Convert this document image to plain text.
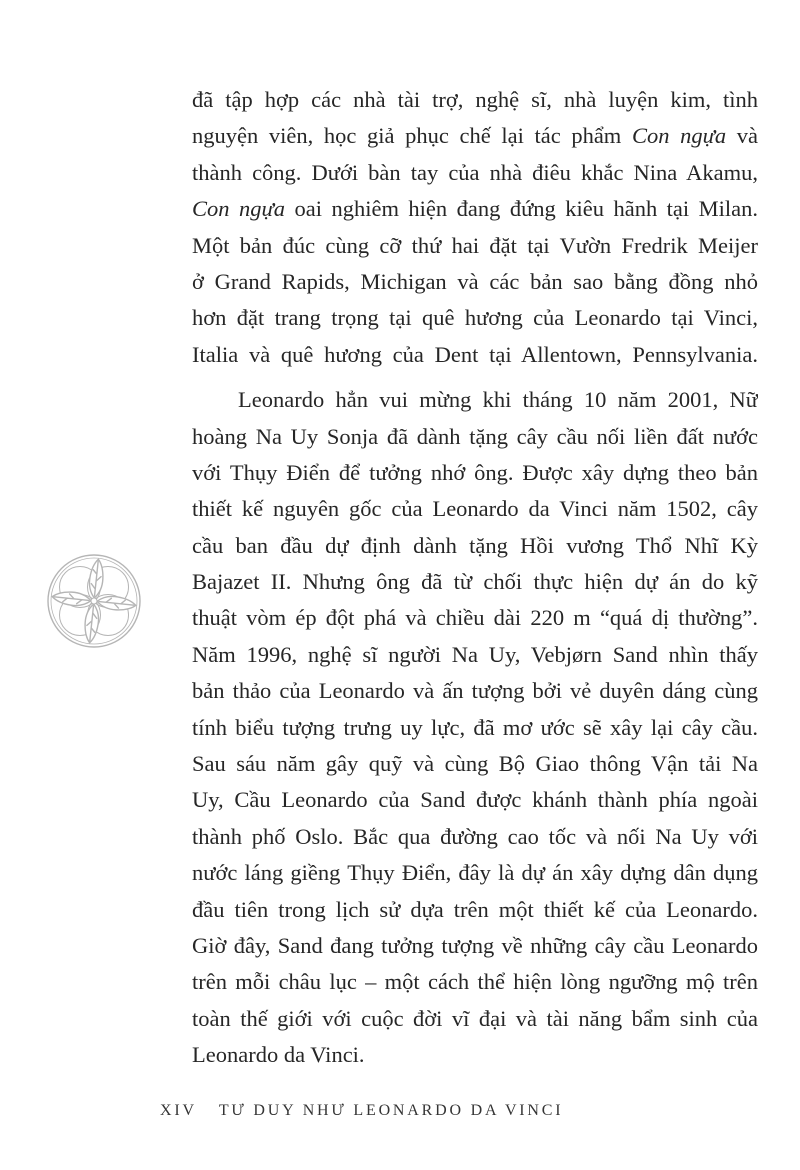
đã tập hợp các nhà tài trợ, nghệ sĩ, nhà luyện kim, tình
nguyện viên, học giả phục chế lại tác phẩm Con ngựa và
thành công. Dưới bàn tay của nhà điêu khắc Nina Akamu,
Con ngựa oai nghiêm hiện đang đứng kiêu hãnh tại Milan.
Một bản đúc cùng cỡ thứ hai đặt tại Vườn Fredrik Meijer
ở Grand Rapids, Michigan và các bản sao bằng đồng nhỏ
hơn đặt trang trọng tại quê hương của Leonardo tại Vinci,
Italia và quê hương của Dent tại Allentown, Pennsylvania.
Leonardo hẳn vui mừng khi tháng 10 năm 2001, Nữ
hoàng Na Uy Sonja đã dành tặng cây cầu nối liền đất nước
với Thụy Điển để tưởng nhớ ông. Được xây dựng theo bản
thiết kế nguyên gốc của Leonardo da Vinci năm 1502, cây
cầu ban đầu dự định dành tặng Hồi vương Thổ Nhĩ Kỳ
Bajazet II. Nhưng ông đã từ chối thực hiện dự án do kỹ
thuật vòm ép đột phá và chiều dài 220 m “quá dị thường”.
Năm 1996, nghệ sĩ người Na Uy, Vebjørn Sand nhìn thấy
bản thảo của Leonardo và ấn tượng bởi vẻ duyên dáng cùng
tính biểu tượng trưng uy lực, đã mơ ước sẽ xây lại cây cầu.
Sau sáu năm gây quỹ và cùng Bộ Giao thông Vận tải Na
Uy, Cầu Leonardo của Sand được khánh thành phía ngoài
thành phố Oslo. Bắc qua đường cao tốc và nối Na Uy với
nước láng giềng Thụy Điển, đây là dự án xây dựng dân dụng
đầu tiên trong lịch sử dựa trên một thiết kế của Leonardo.
Giờ đây, Sand đang tưởng tượng về những cây cầu Leonardo
trên mỗi châu lục – một cách thể hiện lòng ngưỡng mộ trên
toàn thế giới với cuộc đời vĩ đại và tài năng bẩm sinh của
Leonardo da Vinci.
XIV TƯ DUY NHƯ LEONARDO DA VINCI
